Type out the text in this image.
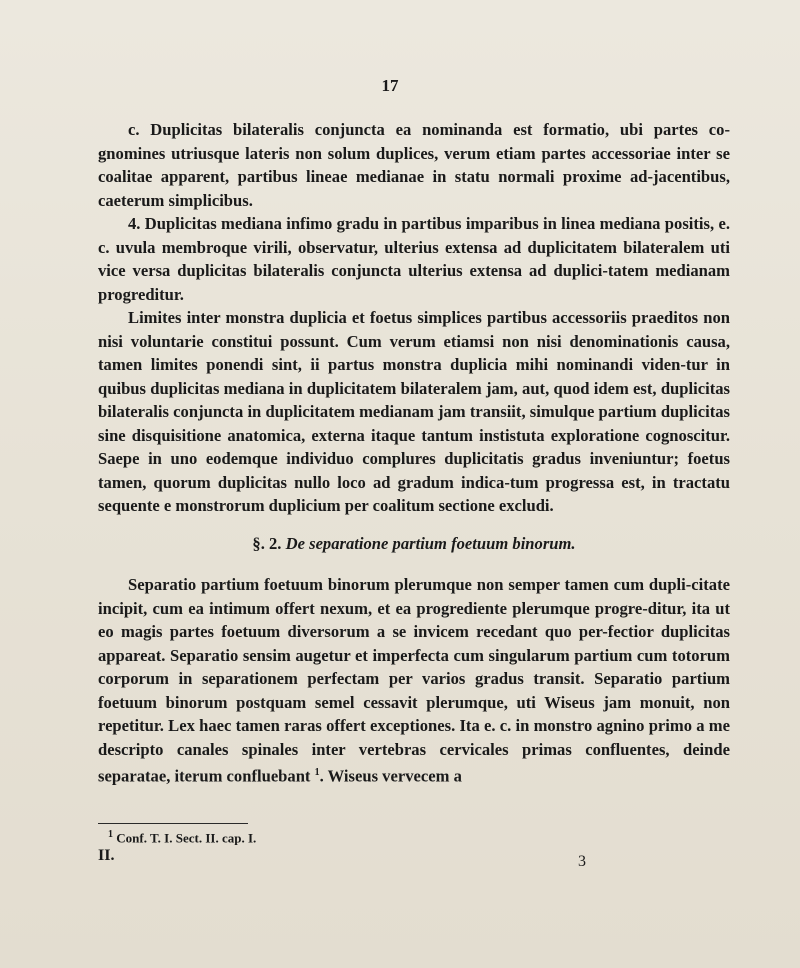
17

c. Duplicitas bilateralis conjuncta ea nominanda est formatio, ubi partes co-gnomines utriusque lateris non solum duplices, verum etiam partes accessoriae inter se coalitae apparent, partibus lineae medianae in statu normali proxime ad-jacentibus, caeterum simplicibus.

4. Duplicitas mediana infimo gradu in partibus imparibus in linea mediana positis, e. c. uvula membroque virili, observatur, ulterius extensa ad duplicitatem bilateralem uti vice versa duplicitas bilateralis conjuncta ulterius extensa ad duplici-tatem medianam progreditur.

Limites inter monstra duplicia et foetus simplices partibus accessoriis praeditos non nisi voluntarie constitui possunt. Cum verum etiamsi non nisi denominationis causa, tamen limites ponendi sint, ii partus monstra duplicia mihi nominandi viden-tur in quibus duplicitas mediana in duplicitatem bilateralem jam, aut, quod idem est, duplicitas bilateralis conjuncta in duplicitatem medianam jam transiit, simulque partium duplicitas sine disquisitione anatomica, externa itaque tantum instistuta exploratione cognoscitur. Saepe in uno eodemque individuo complures duplicitatis gradus inveniuntur; foetus tamen, quorum duplicitas nullo loco ad gradum indica-tum progressa est, in tractatu sequente e monstrorum duplicium per coalitum sectione excludi.

§. 2. De separatione partium foetuum binorum.

Separatio partium foetuum binorum plerumque non semper tamen cum dupli-citate incipit, cum ea intimum offert nexum, et ea progrediente plerumque progre-ditur, ita ut eo magis partes foetuum diversorum a se invicem recedant quo per-fectior duplicitas appareat. Separatio sensim augetur et imperfecta cum singularum partium cum totorum corporum in separationem perfectam per varios gradus transit. Separatio partium foetuum binorum postquam semel cessavit plerumque, uti Wiseus jam monuit, non repetitur. Lex haec tamen raras offert exceptiones. Ita e. c. in monstro agnino primo a me descripto canales spinales inter vertebras cervicales primas confluentes, deinde separatae, iterum confluebant $^1$. Wiseus vervecem a

$^1$ Conf. T. I. Sect. II. cap. I.
II.	3
